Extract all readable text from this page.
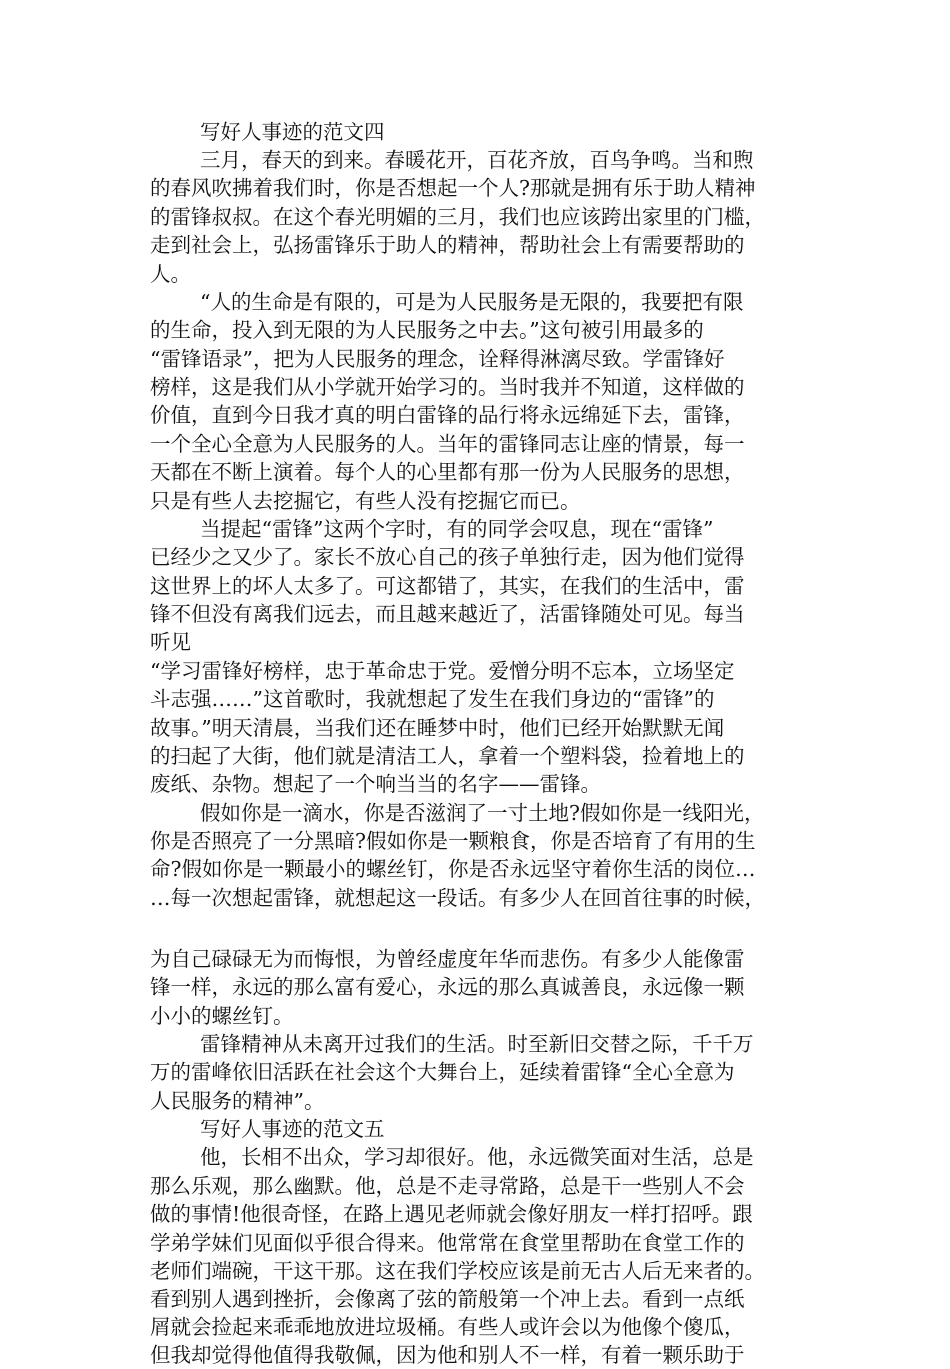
写好人事迹的范文四

三月，春天的到来。春暖花开，百花齐放，百鸟争鸣。当和煦

的春风吹拂着我们时，你是否想起一个人?那就是拥有乐于助人精神

的雷锋叔叔。在这个春光明媚的三月，我们也应该跨出家里的门槛，

走到社会上，弘扬雷锋乐于助人的精神，帮助社会上有需要帮助的

人。

“人的生命是有限的，可是为人民服务是无限的，我要把有限

的生命，投入到无限的为人民服务之中去。”这句被引用最多的

“雷锋语录”，把为人民服务的理念，诠释得淋漓尽致。学雷锋好

榜样，这是我们从小学就开始学习的。当时我并不知道，这样做的

价值，直到今日我才真的明白雷锋的品行将永远绵延下去，雷锋，

一个全心全意为人民服务的人。当年的雷锋同志让座的情景，每一

天都在不断上演着。每个人的心里都有那一份为人民服务的思想，

只是有些人去挖掘它，有些人没有挖掘它而已。

当提起“雷锋”这两个字时，有的同学会叹息，现在“雷锋”

已经少之又少了。家长不放心自己的孩子单独行走，因为他们觉得

这世界上的坏人太多了。可这都错了，其实，在我们的生活中，雷

锋不但没有离我们远去，而且越来越近了，活雷锋随处可见。每当

听见

“学习雷锋好榜样，忠于革命忠于党。爱憎分明不忘本，立场坚定

斗志强……”这首歌时，我就想起了发生在我们身边的“雷锋”的

故事。”明天清晨，当我们还在睡梦中时，他们已经开始默默无闻

的扫起了大街，他们就是清洁工人，拿着一个塑料袋，捡着地上的

废纸、杂物。想起了一个响当当的名字——雷锋。

假如你是一滴水，你是否滋润了一寸土地?假如你是一线阳光，

你是否照亮了一分黑暗?假如你是一颗粮食，你是否培育了有用的生

命?假如你是一颗最小的螺丝钉，你是否永远坚守着你生活的岗位…

…每一次想起雷锋，就想起这一段话。有多少人在回首往事的时候，

为自己碌碌无为而悔恨，为曾经虚度年华而悲伤。有多少人能像雷

锋一样，永远的那么富有爱心，永远的那么真诚善良，永远像一颗

小小的螺丝钉。

雷锋精神从未离开过我们的生活。时至新旧交替之际，千千万

万的雷峰依旧活跃在社会这个大舞台上，延续着雷锋“全心全意为

人民服务的精神”。

写好人事迹的范文五

他，长相不出众，学习却很好。他，永远微笑面对生活，总是

那么乐观，那么幽默。他，总是不走寻常路，总是干一些别人不会

做的事情!他很奇怪，在路上遇见老师就会像好朋友一样打招呼。跟

学弟学妹们见面似乎很合得来。他常常在食堂里帮助在食堂工作的

老师们端碗，干这干那。这在我们学校应该是前无古人后无来者的。

看到别人遇到挫折，会像离了弦的箭般第一个冲上去。看到一点纸

屑就会捡起来乖乖地放进垃圾桶。有些人或许会以为他像个傻瓜，

但我却觉得他值得我敬佩，因为他和别人不一样，有着一颗乐助于
